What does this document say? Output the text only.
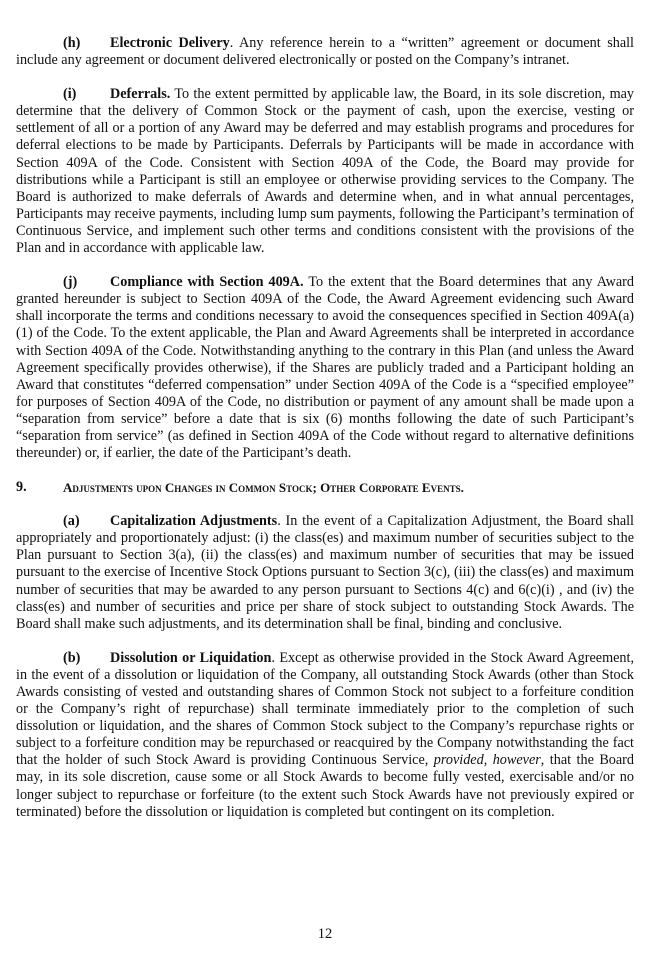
(h) Electronic Delivery. Any reference herein to a “written” agreement or document shall include any agreement or document delivered electronically or posted on the Company’s intranet.

(i) Deferrals. To the extent permitted by applicable law, the Board, in its sole discretion, may determine that the delivery of Common Stock or the payment of cash, upon the exercise, vesting or settlement of all or a portion of any Award may be deferred and may establish programs and procedures for deferral elections to be made by Participants. Deferrals by Participants will be made in accordance with Section 409A of the Code. Consistent with Section 409A of the Code, the Board may provide for distributions while a Participant is still an employee or otherwise providing services to the Company. The Board is authorized to make deferrals of Awards and determine when, and in what annual percentages, Participants may receive payments, including lump sum payments, following the Participant’s termination of Continuous Service, and implement such other terms and conditions consistent with the provisions of the Plan and in accordance with applicable law.

(j) Compliance with Section 409A. To the extent that the Board determines that any Award granted hereunder is subject to Section 409A of the Code, the Award Agreement evidencing such Award shall incorporate the terms and conditions necessary to avoid the consequences specified in Section 409A(a)(1) of the Code. To the extent applicable, the Plan and Award Agreements shall be interpreted in accordance with Section 409A of the Code. Notwithstanding anything to the contrary in this Plan (and unless the Award Agreement specifically provides otherwise), if the Shares are publicly traded and a Participant holding an Award that constitutes “deferred compensation” under Section 409A of the Code is a “specified employee” for purposes of Section 409A of the Code, no distribution or payment of any amount shall be made upon a “separation from service” before a date that is six (6) months following the date of such Participant’s “separation from service” (as defined in Section 409A of the Code without regard to alternative definitions thereunder) or, if earlier, the date of the Participant’s death.

9.	Adjustments upon Changes in Common Stock; Other Corporate Events.

(a) Capitalization Adjustments. In the event of a Capitalization Adjustment, the Board shall appropriately and proportionately adjust: (i) the class(es) and maximum number of securities subject to the Plan pursuant to Section 3(a), (ii) the class(es) and maximum number of securities that may be issued pursuant to the exercise of Incentive Stock Options pursuant to Section 3(c), (iii) the class(es) and maximum number of securities that may be awarded to any person pursuant to Sections 4(c) and 6(c)(i) , and (iv) the class(es) and number of securities and price per share of stock subject to outstanding Stock Awards. The Board shall make such adjustments, and its determination shall be final, binding and conclusive.

(b) Dissolution or Liquidation. Except as otherwise provided in the Stock Award Agreement, in the event of a dissolution or liquidation of the Company, all outstanding Stock Awards (other than Stock Awards consisting of vested and outstanding shares of Common Stock not subject to a forfeiture condition or the Company’s right of repurchase) shall terminate immediately prior to the completion of such dissolution or liquidation, and the shares of Common Stock subject to the Company’s repurchase rights or subject to a forfeiture condition may be repurchased or reacquired by the Company notwithstanding the fact that the holder of such Stock Award is providing Continuous Service, provided, however, that the Board may, in its sole discretion, cause some or all Stock Awards to become fully vested, exercisable and/or no longer subject to repurchase or forfeiture (to the extent such Stock Awards have not previously expired or terminated) before the dissolution or liquidation is completed but contingent on its completion.

12
